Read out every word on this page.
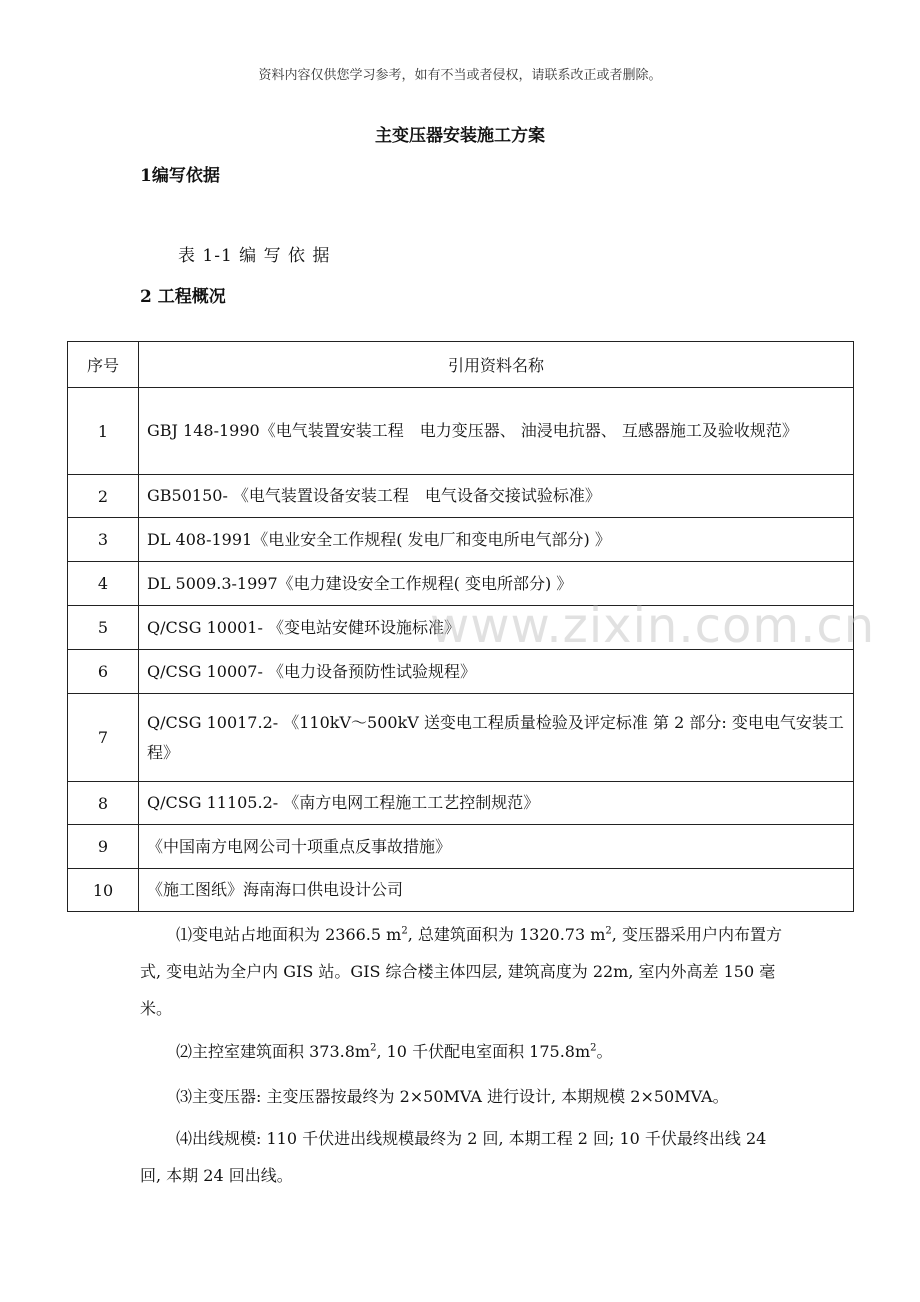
资料内容仅供您学习参考，如有不当或者侵权，请联系改正或者删除。
主变压器安装施工方案
1编写依据
表 1-1 编 写 依 据
2 工程概况
序号	引用资料名称
1	GBJ 148-1990《电气装置安装工程　电力变压器、 油浸电抗器、 互感器施工及验收规范》
2	GB50150- 《电气装置设备安装工程　电气设备交接试验标准》
3	DL 408-1991《电业安全工作规程( 发电厂和变电所电气部分) 》
4	DL 5009.3-1997《电力建设安全工作规程( 变电所部分) 》
5	Q/CSG 10001- 《变电站安健环设施标准》
6	Q/CSG 10007- 《电力设备预防性试验规程》
7	Q/CSG 10017.2- 《110kV～500kV 送变电工程质量检验及评定标准 第 2 部分: 变电电气安装工程》
8	Q/CSG 11105.2- 《南方电网工程施工工艺控制规范》
9	《中国南方电网公司十项重点反事故措施》
10	《施工图纸》海南海口供电设计公司
www.zixin.com.cn
⑴变电站占地面积为 2366.5 $m^2$, 总建筑面积为 1320.73 $m^2$, 变压器采用户内布置方式, 变电站为全户内 GIS 站。GIS 综合楼主体四层, 建筑高度为 22m, 室内外高差 150 毫米。
⑵主控室建筑面积 $373.8m^2$, 10 千伏配电室面积 $175.8m^2$。
⑶主变压器: 主变压器按最终为 2×50MVA 进行设计, 本期规模 2×50MVA。
⑷出线规模: 110 千伏进出线规模最终为 2 回, 本期工程 2 回; 10 千伏最终出线 24 回, 本期 24 回出线。
